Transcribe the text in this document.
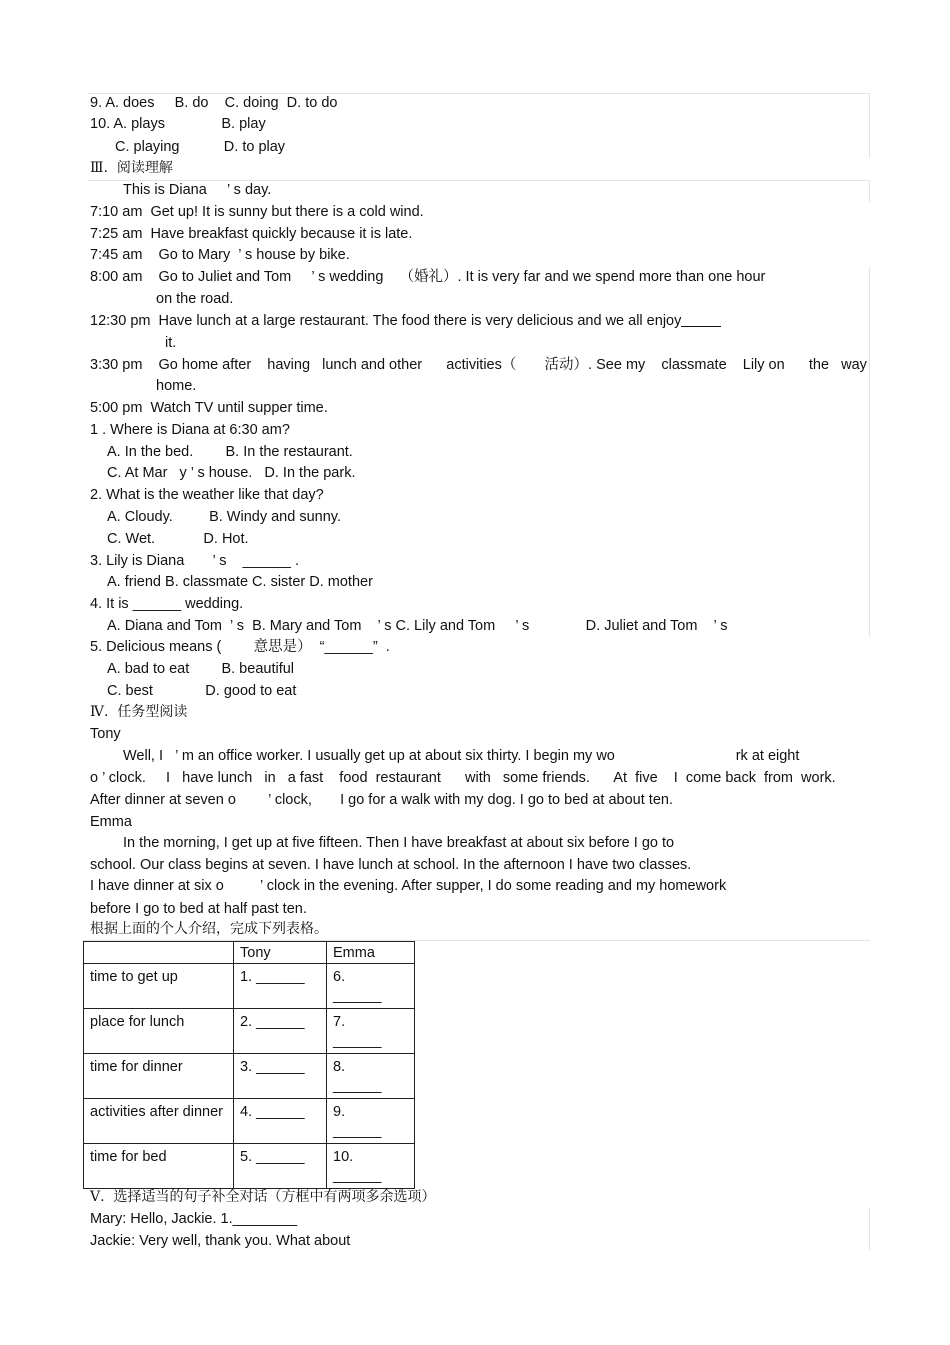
9. A. does     B. do    C. doing  D. to do
10. A. plays              B. play
C. playing           D. to play
Ⅲ.  阅读理解
This is Diana     ’ s day.
7:10 am  Get up! It is sunny but there is a cold wind.
7:25 am  Have breakfast quickly because it is late.
7:45 am    Go to Mary  ’ s house by bike.
8:00 am    Go to Juliet and Tom     ’ s wedding    （婚礼）. It is very far and we spend more than one hour
on the road.
12:30 pm  Have lunch at a large restaurant. The food there is very delicious and we all enjoy
it.
3:30 pm    Go home after    having   lunch and other      activities（       活动）. See my    classmate    Lily on      the   way
home.
5:00 pm  Watch TV until supper time.
1 . Where is Diana at 6:30 am?
A. In the bed.        B. In the restaurant.
C. At Mar   y ’ s house.   D. In the park.
2. What is the weather like that day?
A. Cloudy.         B. Windy and sunny.
C. Wet.            D. Hot.
3. Lily is Diana       ’ s    ______ .
A. friend B. classmate C. sister D. mother
4. It is ______ wedding.
A. Diana and Tom  ’ s  B. Mary and Tom    ’ s C. Lily and Tom     ’ s              D. Juliet and Tom    ’ s
5. Delicious means (        意思是）  “______”  .
A. bad to eat        B. beautiful
C. best             D. good to eat
Ⅳ.  任务型阅读
Tony
Well, I   ’ m an office worker. I usually get up at about six thirty. I begin my wo                              rk at eight
o ’ clock.     I   have lunch   in   a fast    food  restaurant      with   some friends.      At  five    I  come back  from  work.
After dinner at seven o        ’ clock,       I go for a walk with my dog. I go to bed at about ten.
Emma
In the morning, I get up at five fifteen. Then I have breakfast at about six before I go to
school. Our class begins at seven. I have lunch at school. In the afternoon I have two classes.
I have dinner at six o         ’ clock in the evening. After supper, I do some reading and my homework
before I go to bed at half past ten.
根据上面的个人介绍，完成下列表格。
	Tony	Emma
time to get up	1. ______	6.
______

place for lunch	2. ______	7.
______

time for dinner	3. ______	8.
______

activities after dinner	4. ______	9.
______

time for bed	5. ______	10.
______
Ⅴ.  选择适当的句子补全对话（方框中有两项多余选项）
Mary: Hello, Jackie. 1.________
Jackie: Very well, thank you. What about
